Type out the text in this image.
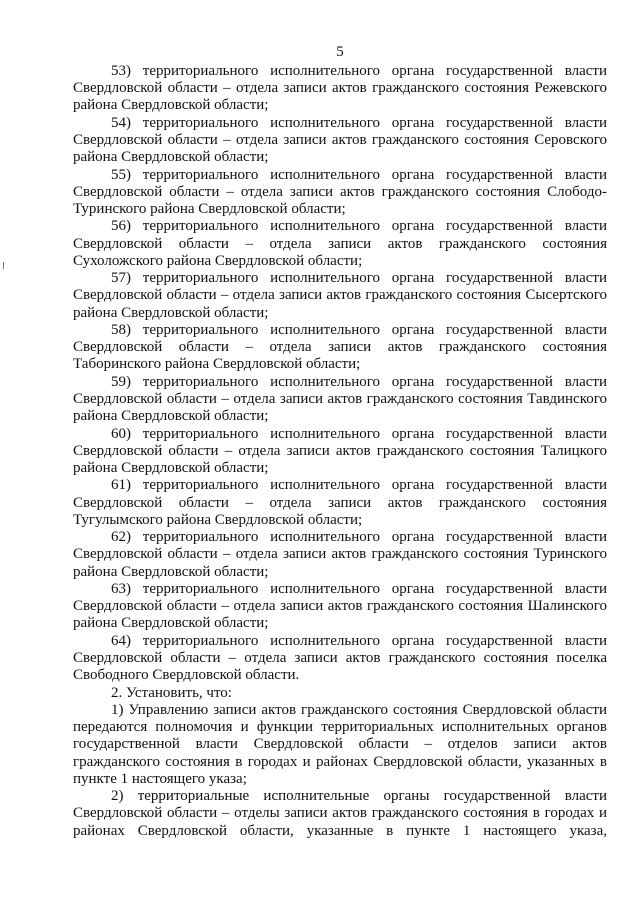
5

53) территориального исполнительного органа государственной власти Свердловской области – отдела записи актов гражданского состояния Режевского района Свердловской области;

54) территориального исполнительного органа государственной власти Свердловской области – отдела записи актов гражданского состояния Серовского района Свердловской области;

55) территориального исполнительного органа государственной власти Свердловской области – отдела записи актов гражданского состояния Слободо-Туринского района Свердловской области;

56) территориального исполнительного органа государственной власти Свердловской области – отдела записи актов гражданского состояния Сухоложского района Свердловской области;

57) территориального исполнительного органа государственной власти Свердловской области – отдела записи актов гражданского состояния Сысертского района Свердловской области;

58) территориального исполнительного органа государственной власти Свердловской области – отдела записи актов гражданского состояния Таборинского района Свердловской области;

59) территориального исполнительного органа государственной власти Свердловской области – отдела записи актов гражданского состояния Тавдинского района Свердловской области;

60) территориального исполнительного органа государственной власти Свердловской области – отдела записи актов гражданского состояния Талицкого района Свердловской области;

61) территориального исполнительного органа государственной власти Свердловской области – отдела записи актов гражданского состояния Тугулымского района Свердловской области;

62) территориального исполнительного органа государственной власти Свердловской области – отдела записи актов гражданского состояния Туринского района Свердловской области;

63) территориального исполнительного органа государственной власти Свердловской области – отдела записи актов гражданского состояния Шалинского района Свердловской области;

64) территориального исполнительного органа государственной власти Свердловской области – отдела записи актов гражданского состояния поселка Свободного Свердловской области.

2. Установить, что:

1) Управлению записи актов гражданского состояния Свердловской области передаются полномочия и функции территориальных исполнительных органов государственной власти Свердловской области – отделов записи актов гражданского состояния в городах и районах Свердловской области, указанных в пункте 1 настоящего указа;

2) территориальные исполнительные органы государственной власти Свердловской области – отделы записи актов гражданского состояния в городах и районах Свердловской области, указанные в пункте 1 настоящего указа,
